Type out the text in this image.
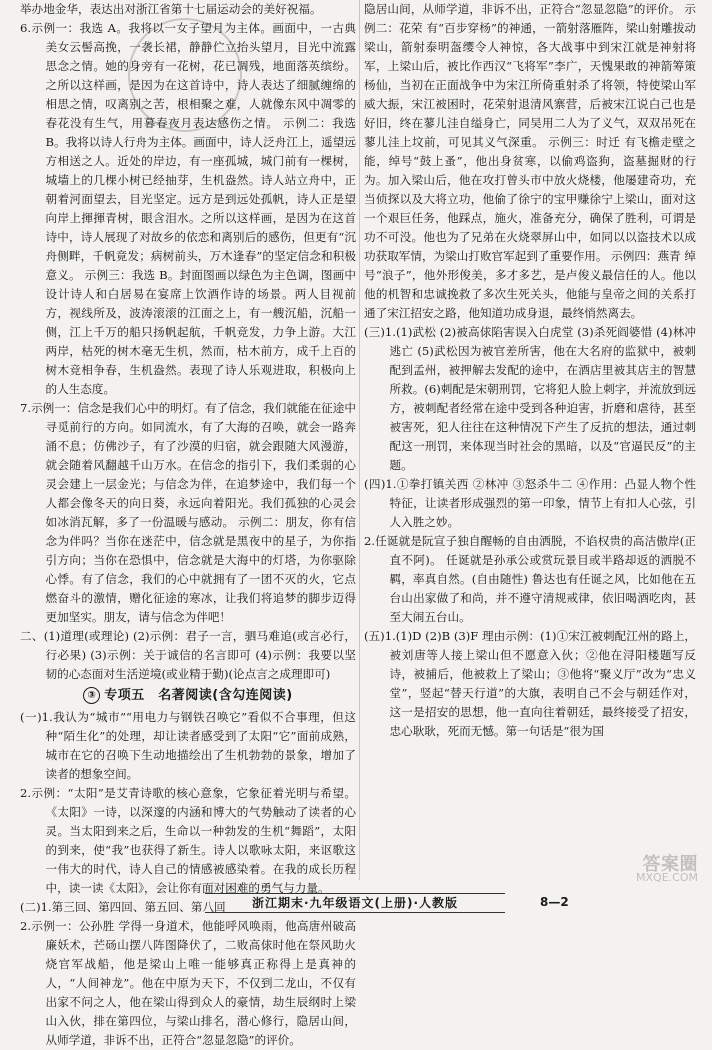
举办地金华，表达出对浙江省第十七届运动会的美好祝福。

6.示例一：我选 A。我将以一女子望月为主体。画面中，一古典美女云髻高挽，一袭长裙，静静伫立抬头望月，目光中流露思念之情。她的身旁有一花树，花已凋残，地面落英缤纷。之所以这样画，是因为在这首诗中，诗人表达了细腻缠绵的相思之情，叹离别之苦，根相聚之难，人就像东风中凋零的春花没有生气，用暮春夜月表达感伤之情。 示例二：我选 B。我将以诗人行舟为主体。画面中，诗人泛舟江上，遥望远方相送之人。近处的岸边，有一座孤城，城门前有一棵树，城墙上的几棵小树已经抽芽，生机盎然。诗人站立舟中，正朝着河面望去，目光坚定。远方是到远处孤帆，诗人正是望向岸上揮揮青树，眼含泪水。之所以这样画，是因为在这首诗中，诗人展现了对故乡的依恋和离别后的感伤，但更有“沉舟侧畔，千帆竟发；病树前头，万木逢春”的坚定信念和积极意义。 示例三：我选 B。封面图画以绿色为主色调，图画中设计诗人和白居易在宴席上饮酒作诗的场景。两人目视前方，视线所及，波涛滚滚的江面之上，有一艘沉船，沉船一侧，江上千万的船只扬帆起航，千帆竞发，力争上游。大江两岸，枯死的树木毫无生机，然而，枯木前方，成千上百的树木竞相争春，生机盎然。表现了诗人乐观进取，积极向上的人生态度。

7.示例一：信念是我们心中的明灯。有了信念，我们就能在征途中寻觅前行的方向。如同流水，有了大海的召唤，就会一路奔涌不息；仿佛沙子，有了沙漠的归宿，就会跟随大风漫游，就会随着风翻越千山万水。在信念的指引下，我们柔弱的心灵会建上一层金光；与信念为伴，在追梦途中，我们每一个人都会像冬天的向日葵，永远向着阳光。我们孤独的心灵会如冰消瓦解，多了一份温暖与感动。 示例二：朋友，你有信念为伴吗？当你在迷茫中，信念就是黑夜中的星子，为你指引方向；当你在恐惧中，信念就是大海中的灯塔，为你驱除心悸。有了信念，我们的心中就拥有了一团不灭的火，它点燃奋斗的激情，赠化征途的寒冰，让我们将追梦的脚步迈得更加坚实。朋友，请与信念为伴吧！

二、(1)道理(或理论) (2)示例：君子一言，驷马难追(或言必行，行必果) (3)示例：关于诚信的名言即可 (4)示例：我要以坚韧的心态面对生活逆境(或业精于勤)(论点言之成理即可)

③ 专项五　名著阅读(含勾连阅读)

(一)1.我认为“城市”“用电力与钢铁召唤它”看似不合事理，但这种“陌生化”的处理，却让读者感受到了太阳“它”面前成熟，城市在它的召唤下生动地描绘出了生机勃勃的景象，增加了读者的想象空间。

2.示例：“太阳”是艾青诗歌的核心意象，它象征着光明与希望。《太阳》一诗，以深邃的内涵和博大的气势触动了读者的心灵。当太阳到来之后，生命以一种勃发的生机“舞蹈”，太阳的到来，使“我”也获得了新生。诗人以歌咏太阳，来讴歌这一伟大的时代，诗人自己的情感被感染着。在我的成长历程中，读一读《太阳》，会让你有面对困难的勇气与力量。

(二)1.第三回、第四回、第五回、第八回

2.示例一：公孙胜 学得一身道术，他能呼风唤雨，他高唐州破高廉妖术，芒砀山摆八阵图降伏了，二败高俅时他在祭风助火烧官军战船，他是梁山上唯一能够真正称得上是真神的人，“人间神龙”。他在中原为天下，不仅到二龙山，不仅有出家不问之人，他在梁山得到众人的豪情，劫生辰纲时上梁山入伙，排在第四位，与梁山排名，潜心修行，隐居山间，从师学道，非诉不出，正符合“忽显忽隐”的评价。

隐居山间，从师学道，非诉不出，正符合“忽显忽隐”的评价。 示例二：花荣 有“百步穿杨”的神通，一箭射落雁阵，梁山射雕拔动梁山，箭射泰明盔缨令人神惊，各大战事中到宋江就是神射将军，上梁山后，被比作西汉“飞将军”李广，天愧果敢的神箭筹策杨仙，当初在正面战争中为宋江所倚重射杀了将领，特使梁山军威大振，宋江被困时，花荣射退清风寨营，后被宋江说白己也是好旧，终在蓼儿洼自缢身亡，同吴用二人为了义气，双双吊死在蓼儿洼上坟前，可见其义气深重。 示例三：时迁 有飞檐走壁之能，绰号“鼓上蚤”，他出身贫寒，以偷鸡盗狗，盗墓掘财的行为。加入梁山后，他在攻打曾头市中放火烧楼，他屡建奇功，充当侦探以及大将立功，他偷了徐宁的宝甲赚徐宁上梁山，面对这一个艰巨任务，他踩点，施火，准备充分，确保了胜利，可谓是功不可没。他也为了兄弟在火烧翠屏山中，如同以以盗技术以成功获取军情，为梁山打败官军起到了重要作用。 示例四：燕青 绰号“浪子”，他外形俊美，多才多艺，是卢俊义最信任的人。他以他的机智和忠诚挽救了多次生死关头，他能与皇帝之间的关系打通了宋江招安之路，他知道功成身退，最终悄然离去。

(三)1.(1)武松 (2)被高俅陷害误入白虎堂 (3)杀死阎婆惜 (4)林冲逃亡 (5)武松因为被官差所害，他在大名府的监狱中，被刺配到孟州，被押解去发配的途中，在酒店里被其店主的智慧所救。(6)刺配是宋朝刑罚，它将犯人脸上刺字，并流放到远方，被刺配者经常在途中受到各种迫害，折磨和虐待，甚至被害死，犯人往往在这种情况下产生了反抗的想法，通过刺配这一刑罚，来体现当时社会的黑暗，以及“官逼民反”的主题。

(四)1.①拳打镇关西 ②林冲 ③怒杀牛二 ④作用：凸显人物个性特征，让读者形成强烈的第一印象，情节上有扣人心弦，引人入胜之妙。

2.任诞就是阮宣子独自醒畅的自由洒脱，不谄权贵的高洁傲岸(正直不阿)。 任诞就是孙承公或赏玩景目或半路却返的洒脱不羁，率真自然。(自由随性) 鲁达也有任诞之风，比如他在五台山出家做了和尚，并不遵守清规戒律，依旧喝酒吃肉，甚至大闹五台山。

(五)1.(1)D (2)B (3)F 理由示例：(1)①宋江被刺配江州的路上，被刘唐等人接上梁山但不愿意入伙；②他在浔阳楼题写反诗，被捕后，他被救上了梁山；③他将“聚义厅”改为“忠义堂”，竖起“替天行道”的大旗，表明自己不会与朝廷作对，这一是招安的思想，他一直向往着朝廷，最终接受了招安，忠心耿耿，死而无憾。第一句话是“很为国

浙江期末·九年级语文(上册)·人教版	8—2
答案圈
MXQE.COM
